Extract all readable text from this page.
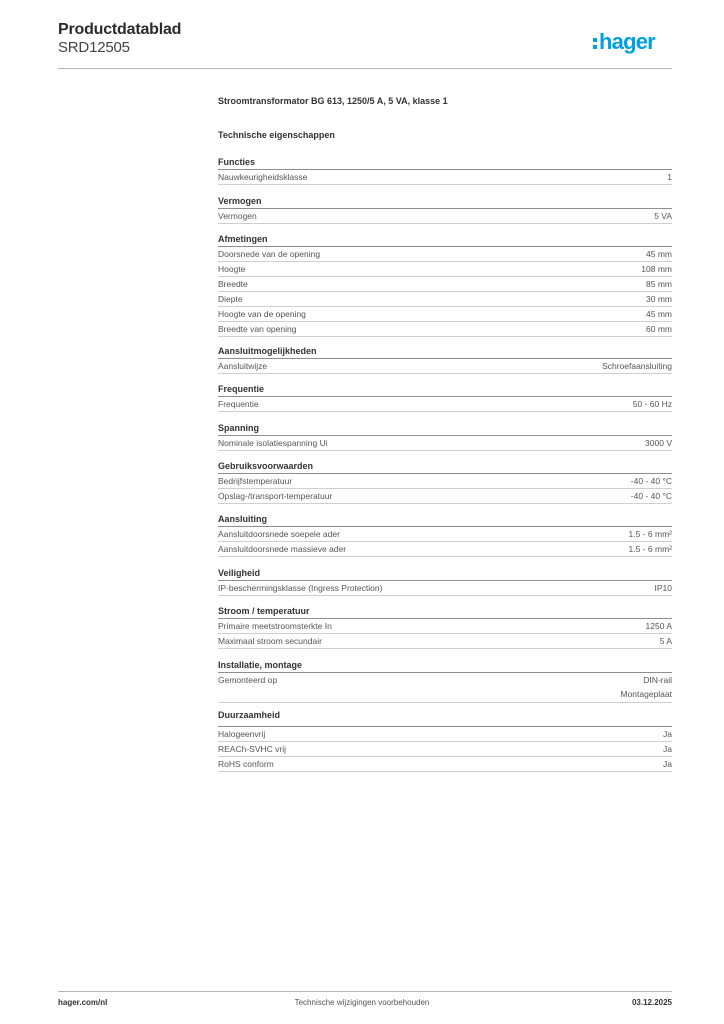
Productdatablad
SRD12505	hager
Stroomtransformator BG 613, 1250/5 A, 5 VA, klasse 1
Technische eigenschappen
Functies
Nauwkeurigheidsklasse	1
Vermogen
Vermogen	5 VA
Afmetingen
Doorsnede van de opening	45 mm
Hoogte	108 mm
Breedte	85 mm
Diepte	30 mm
Hoogte van de opening	45 mm
Breedte van opening	60 mm
Aansluitmogelijkheden
Aansluitwijze	Schroefaansluiting
Frequentie
Frequentie	50 - 60 Hz
Spanning
Nominale isolatiespanning Ui	3000 V
Gebruiksvoorwaarden
Bedrijfstemperatuur	-40 - 40 °C
Opslag-/transport-temperatuur	-40 - 40 °C
Aansluiting
Aansluitdoorsnede soepele ader	1.5 - 6 mm²
Aansluitdoorsnede massieve ader	1.5 - 6 mm²
Veiligheid
IP-beschermingsklasse (Ingress Protection)	IP10
Stroom / temperatuur
Primaire meetstroomsterkte In	1250 A
Maximaal stroom secundair	5 A
Installatie, montage
Gemonteerd op	DIN-rail
Montageplaat
Duurzaamheid
Halogeenvrij	Ja
REACh-SVHC vrij	Ja
RoHS conform	Ja
hager.com/nl	Technische wijzigingen voorbehouden	03.12.2025
